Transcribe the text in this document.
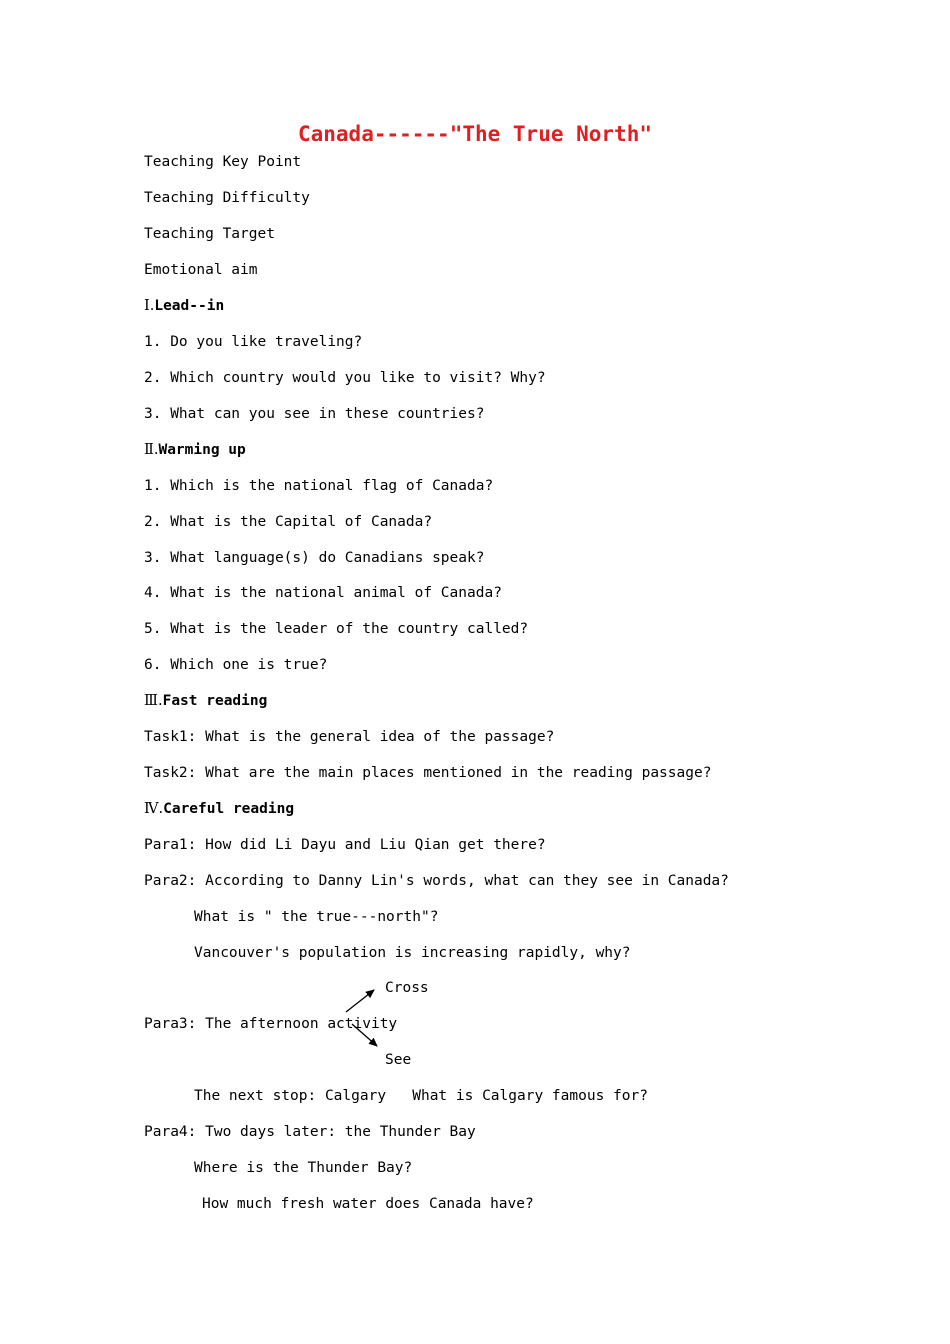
Canada------"The True North"
Teaching Key Point
Teaching Difficulty
Teaching Target
Emotional aim
Ⅰ.Lead--in
1. Do you like traveling?
2. Which country would you like to visit? Why?
3. What can you see in these countries?
Ⅱ.Warming up
1. Which is the national flag of Canada?
2. What is the Capital of Canada?
3. What language(s) do Canadians speak?
4. What is the national animal of Canada?
5. What is the leader of the country called?
6. Which one is true?
Ⅲ.Fast reading
Task1: What is the general idea of the passage?
Task2: What are the main places mentioned in the reading passage?
Ⅳ.Careful reading
Para1: How did Li Dayu and Liu Qian get there?
Para2: According to Danny Lin's words, what can they see in Canada?
What is " the true---north"?
Vancouver's population is increasing rapidly, why?
Cross
Para3: The afternoon activity
See
The next stop: Calgary   What is Calgary famous for?
Para4: Two days later: the Thunder Bay
Where is the Thunder Bay?
How much fresh water does Canada have?
